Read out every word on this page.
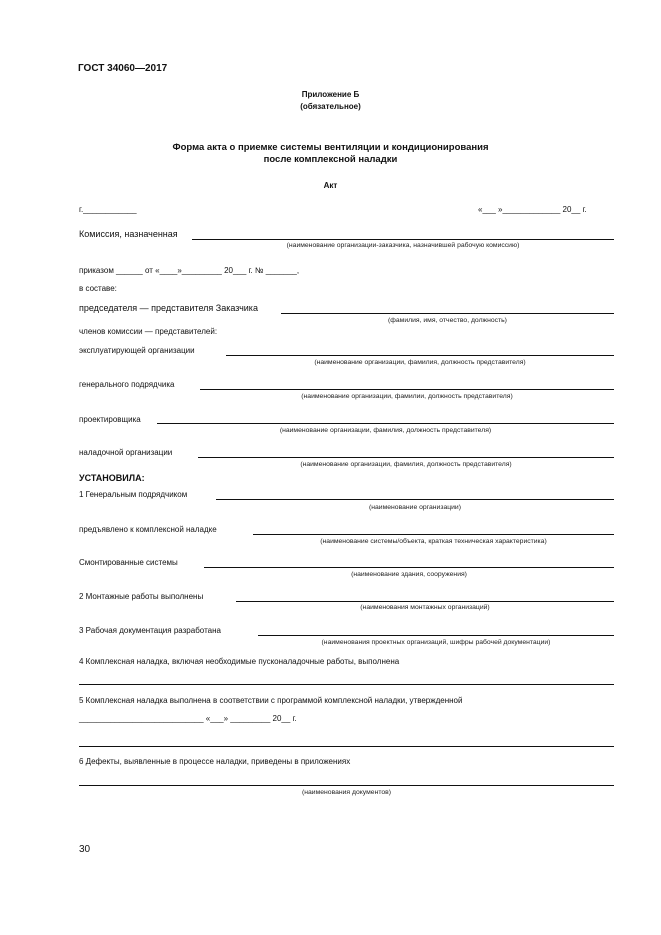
ГОСТ 34060—2017
Приложение Б
(обязательное)
Форма акта о приемке системы вентиляции и кондиционирования
после комплексной наладки
Акт
г.____________	«___ »_____________ 20__ г.
Комиссия, назначенная
(наименование организации-заказчика, назначившей рабочую комиссию)
приказом ______ от «____»_________ 20___ г. № _______,
в составе:
председателя — представителя Заказчика
(фамилия, имя, отчество, должность)
членов комиссии — представителей:
эксплуатирующей организации
(наименование организации, фамилия, должность представителя)
генерального подрядчика
(наименование организации, фамилии, должность представителя)
проектировщика
(наименование организации, фамилия, должность представителя)
наладочной организации
(наименование организации, фамилия, должность представителя)
УСТАНОВИЛА:
1 Генеральным подрядчиком
(наименование организации)
предъявлено к комплексной наладке
(наименование системы/объекта, краткая техническая характеристика)
Смонтированные системы
(наименование здания, сооружения)
2 Монтажные работы выполнены
(наименования монтажных организаций)
3 Рабочая документация разработана
(наименования проектных организаций, шифры рабочей документации)
4 Комплексная наладка, включая необходимые пусконаладочные работы, выполнена
5 Комплексная наладка выполнена в соответствии с программой комплексной наладки, утвержденной
____________________________ «___» _________ 20__ г.
6 Дефекты, выявленные в процессе наладки, приведены в приложениях
(наименования документов)
30
